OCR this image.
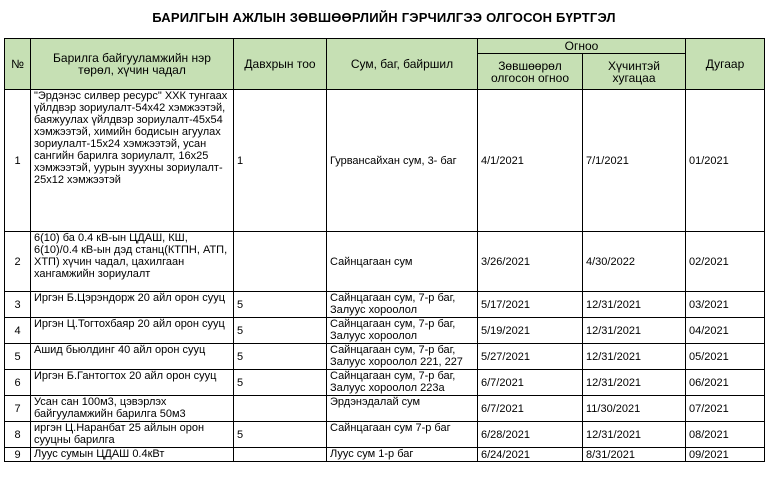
БАРИЛГЫН АЖЛЫН ЗӨВШӨӨРЛИЙН ГЭРЧИЛГЭЭ ОЛГОСОН БҮРТГЭЛ
№	Барилга байгууламжийн нэр төрөл, хүчин чадал	Давхрын тоо	Сум, баг, байршил	Огноо		Дугаар
				Зөвшөөрөл олгосон огноо	Хүчинтэй хугацаа	
1	"Эрдэнэс силвер ресурс" ХХК тунгаах үйлдвэр зориулалт-54х42 хэмжээтэй, баяжуулах үйлдвэр зориулалт-45х54 хэмжээтэй, химийн бодисын агуулах зориулалт-15х24 хэмжээтэй, усан сангийн барилга зориулалт, 16х25 хэмжээтэй, уурын зуухны зориулалт- 25х12 хэмжээтэй	1	Гурвансайхан сум, 3- баг	4/1/2021	7/1/2021	01/2021
2	6(10) ба 0.4 кВ-ын ЦДАШ, КШ, 6(10)/0.4 кВ-ын дэд станц(КТПН, АТП, ХТП) хүчин чадал, цахилгаан хангамжийн зориулалт		Сайнцагаан сум	3/26/2021	4/30/2022	02/2021
3	Иргэн Б.Цэрэндорж 20 айл орон сууц	5	Сайнцагаан сум, 7-р баг, Залуус хороолол	5/17/2021	12/31/2021	03/2021
4	Иргэн Ц.Тогтохбаяр 20 айл орон сууц	5	Сайнцагаан сум, 7-р баг, Залуус хороолол	5/19/2021	12/31/2021	04/2021
5	Ашид бьюлдинг 40 айл орон сууц	5	Сайнцагаан сум, 7-р баг, Залуус хороолол 221, 227	5/27/2021	12/31/2021	05/2021
6	Иргэн Б.Гантогтох 20 айл орон сууц	5	Сайнцагаан сум, 7-р баг, Залуус хороолол 223а	6/7/2021	12/31/2021	06/2021
7	Усан сан 100м3, цэвэрлэх байгууламжийн барилга 50м3		Эрдэнэдалай сум	6/7/2021	11/30/2021	07/2021
8	иргэн Ц.Наранбат 25 айлын орон сууцны барилга	5	Сайнцагаан сум 7-р баг	6/28/2021	12/31/2021	08/2021
9	Луус сумын ЦДАШ 0.4кВт		Луус сум 1-р баг	6/24/2021	8/31/2021	09/2021
